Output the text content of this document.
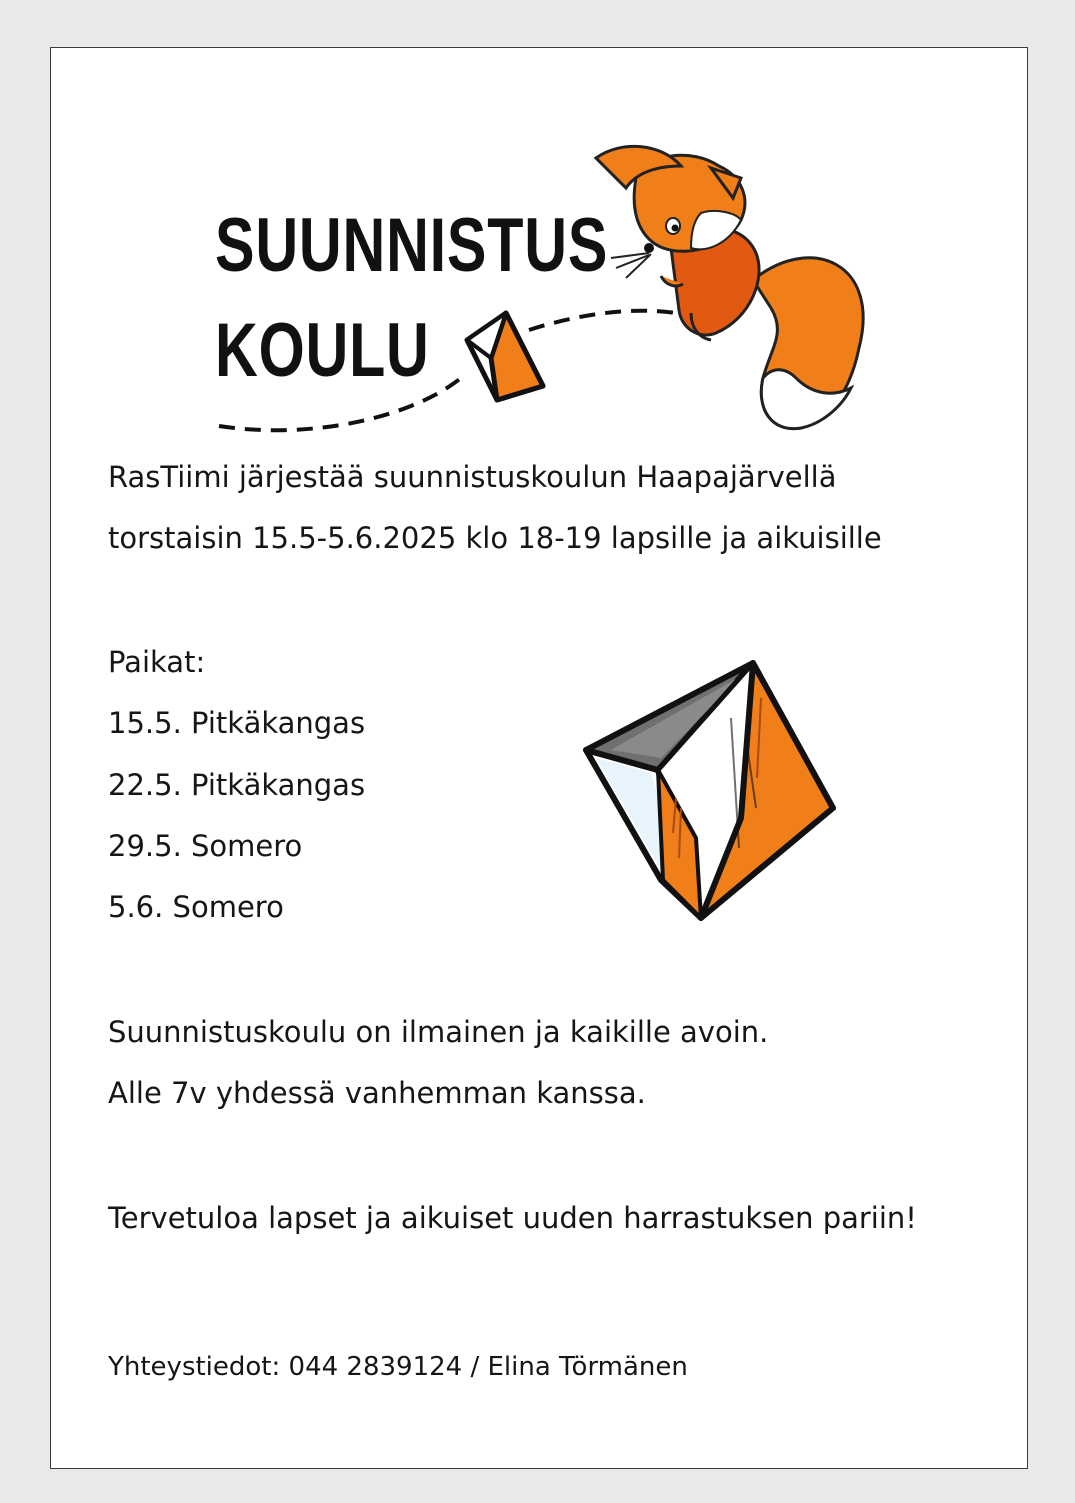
SUUNNISTUS
KOULU
RasTiimi järjestää suunnistuskoulun Haapajärvellä
torstaisin 15.5-5.6.2025 klo 18-19 lapsille ja aikuisille
Paikat:
15.5. Pitkäkangas
22.5. Pitkäkangas
29.5. Somero
5.6. Somero
Suunnistuskoulu on ilmainen ja kaikille avoin.
Alle 7v yhdessä vanhemman kanssa.
Tervetuloa lapset ja aikuiset uuden harrastuksen pariin!
Yhteystiedot: 044 2839124 / Elina Törmänen
